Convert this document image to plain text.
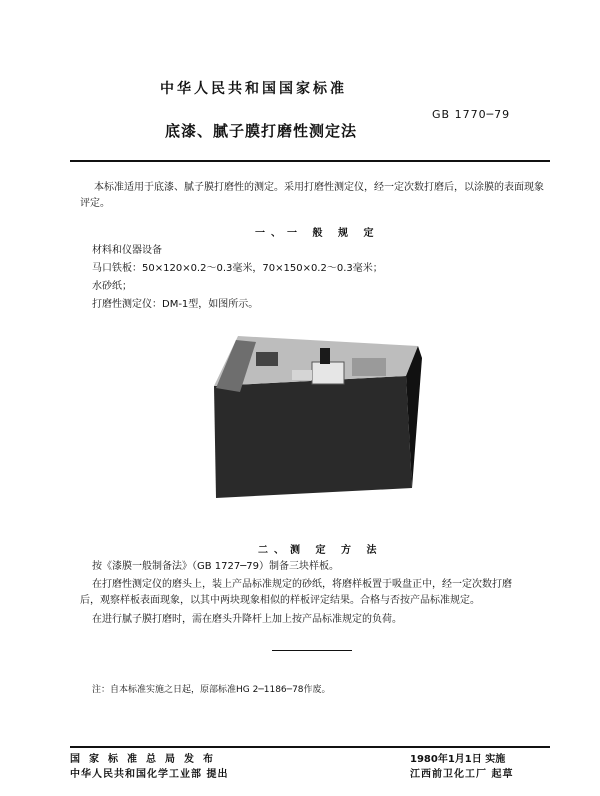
中华人民共和国国家标准
GB 1770─79
底漆、腻子膜打磨性测定法
本标准适用于底漆、腻子膜打磨性的测定。采用打磨性测定仪，经一定次数打磨后，以涂膜的表面现象评定。
一、一 般 规 定
材料和仪器设备
马口铁板：50×120×0.2～0.3毫米，70×150×0.2～0.3毫米；
水砂纸；
打磨性测定仪：DM-1型，如图所示。
二、测 定 方 法
按《漆膜一般制备法》（GB 1727─79）制备三块样板。
在打磨性测定仪的磨头上，装上产品标准规定的砂纸，将磨样板置于吸盘正中，经一定次数打磨
后，观察样板表面现象，以其中两块现象相似的样板评定结果。合格与否按产品标准规定。
在进行腻子膜打磨时，需在磨头升降杆上加上按产品标准规定的负荷。
注：自本标准实施之日起，原部标准HG 2─1186─78作废。
国家标准总局发布
中华人民共和国化学工业部 提出
1980年1月1日 实施
江西前卫化工厂 起草
